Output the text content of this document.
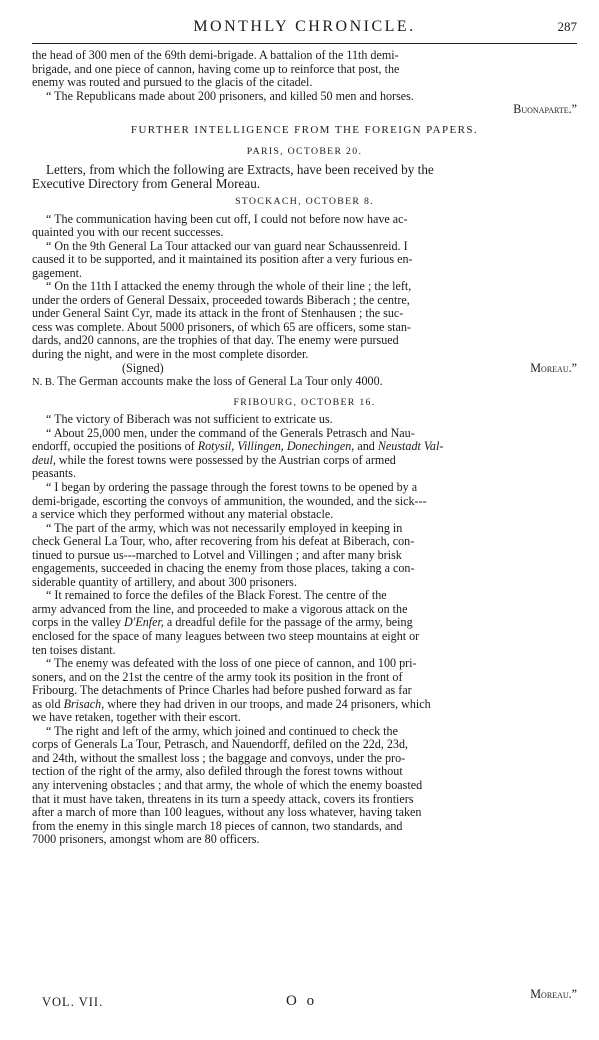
MONTHLY CHRONICLE.	287

the head of 300 men of the 69th demi-brigade. A battalion of the 11th demi-

brigade, and one piece of cannon, having come up to reinforce that post, the

enemy was routed and pursued to the glacis of the citadel.

“ The Republicans made about 200 prisoners, and killed 50 men and horses.

Buonaparte.”

FURTHER INTELLIGENCE FROM THE FOREIGN PAPERS.
PARIS, OCTOBER 20.

Letters, from which the following are Extracts, have been received by the

Executive Directory from General Moreau.

STOCKACH, OCTOBER 8.

“ The communication having been cut off, I could not before now have ac-

quainted you with our recent successes.

“ On the 9th General La Tour attacked our van guard near Schaussenreid. I

caused it to be supported, and it maintained its position after a very furious en-

gagement.

“ On the 11th I attacked the enemy through the whole of their line ; the left,

under the orders of General Dessaix, proceeded towards Biberach ; the centre,

under General Saint Cyr, made its attack in the front of Stenhausen ; the suc-

cess was complete. About 5000 prisoners, of which 65 are officers, some stan-

dards, and20 cannons, are the trophies of that day. The enemy were pursued

during the night, and were in the most complete disorder.

(Signed)	Moreau.”

N. B. The German accounts make the loss of General La Tour only 4000.

FRIBOURG, OCTOBER 16.

“ The victory of Biberach was not sufficient to extricate us.

“ About 25,000 men, under the command of the Generals Petrasch and Nau-

endorff, occupied the positions of Rotysil, Villingen, Donechingen, and Neustadt Val-

deul, while the forest towns were possessed by the Austrian corps of armed

peasants.

“ I began by ordering the passage through the forest towns to be opened by a

demi-brigade, escorting the convoys of ammunition, the wounded, and the sick---

a service which they performed without any material obstacle.

“ The part of the army, which was not necessarily employed in keeping in

check General La Tour, who, after recovering from his defeat at Biberach, con-

tinued to pursue us---marched to Lotvel and Villingen ; and after many brisk

engagements, succeeded in chacing the enemy from those places, taking a con-

siderable quantity of artillery, and about 300 prisoners.

“ It remained to force the defiles of the Black Forest. The centre of the

army advanced from the line, and proceeded to make a vigorous attack on the

corps in the valley D'Enfer, a dreadful defile for the passage of the army, being

enclosed for the space of many leagues between two steep mountains at eight or

ten toises distant.

“ The enemy was defeated with the loss of one piece of cannon, and 100 pri-

soners, and on the 21st the centre of the army took its position in the front of

Fribourg. The detachments of Prince Charles had before pushed forward as far

as old Brisach, where they had driven in our troops, and made 24 prisoners, which

we have retaken, together with their escort.

“ The right and left of the army, which joined and continued to check the

corps of Generals La Tour, Petrasch, and Nauendorff, defiled on the 22d, 23d,

and 24th, without the smallest loss ; the baggage and convoys, under the pro-

tection of the right of the army, also defiled through the forest towns without

any intervening obstacles ; and that army, the whole of which the enemy boasted

that it must have taken, threatens in its turn a speedy attack, covers its frontiers

after a march of more than 100 leagues, without any loss whatever, having taken

from the enemy in this single march 18 pieces of cannon, two standards, and

7000 prisoners, amongst whom are 80 officers.

VOL. VII.	O o	Moreau.”
